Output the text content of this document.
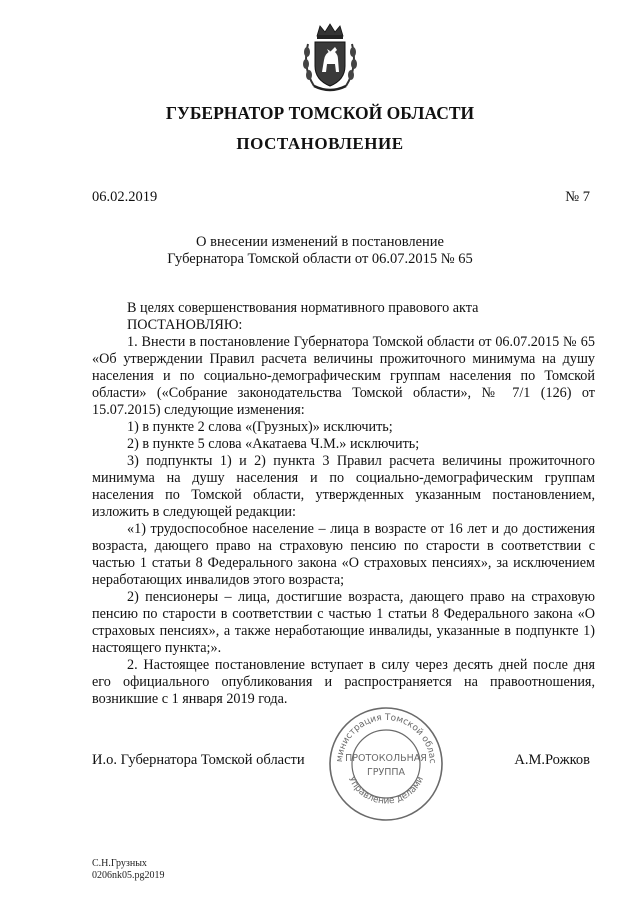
ГУБЕРНАТОР ТОМСКОЙ ОБЛАСТИ
ПОСТАНОВЛЕНИЕ
06.02.2019	№ 7
О внесении изменений в постановление
Губернатора Томской области от 06.07.2015 № 65

В целях совершенствования нормативного правового акта

ПОСТАНОВЛЯЮ:

1. Внести в постановление Губернатора Томской области от 06.07.2015 № 65 «Об утверждении Правил расчета величины прожиточного минимума на душу населения и по социально-демографическим группам населения по Томской области» («Собрание законодательства Томской области», № 7/1 (126) от 15.07.2015) следующие изменения:

1) в пункте 2 слова «(Грузных)» исключить;

2) в пункте 5 слова «Акатаева Ч.М.» исключить;

3) подпункты 1) и 2) пункта 3 Правил расчета величины прожиточного минимума на душу населения и по социально-демографическим группам населения по Томской области, утвержденных указанным постановлением, изложить в следующей редакции:

«1) трудоспособное население – лица в возрасте от 16 лет и до достижения возраста, дающего право на страховую пенсию по старости в соответствии с частью 1 статьи 8 Федерального закона «О страховых пенсиях», за исключением неработающих инвалидов этого возраста;

2) пенсионеры – лица, достигшие возраста, дающего право на страховую пенсию по старости в соответствии с частью 1 статьи 8 Федерального закона «О страховых пенсиях», а также неработающие инвалиды, указанные в подпункте 1) настоящего пункта;».

2. Настоящее постановление вступает в силу через десять дней после дня его официального опубликования и распространяется на правоотношения, возникшие с 1 января 2019 года.

И.о. Губернатора Томской области	А.М.Рожков
министрация Томской облас
Управление делами
ПРОТОКОЛЬНАЯ
ГРУППА
С.Н.Грузных
0206nk05.pg2019
